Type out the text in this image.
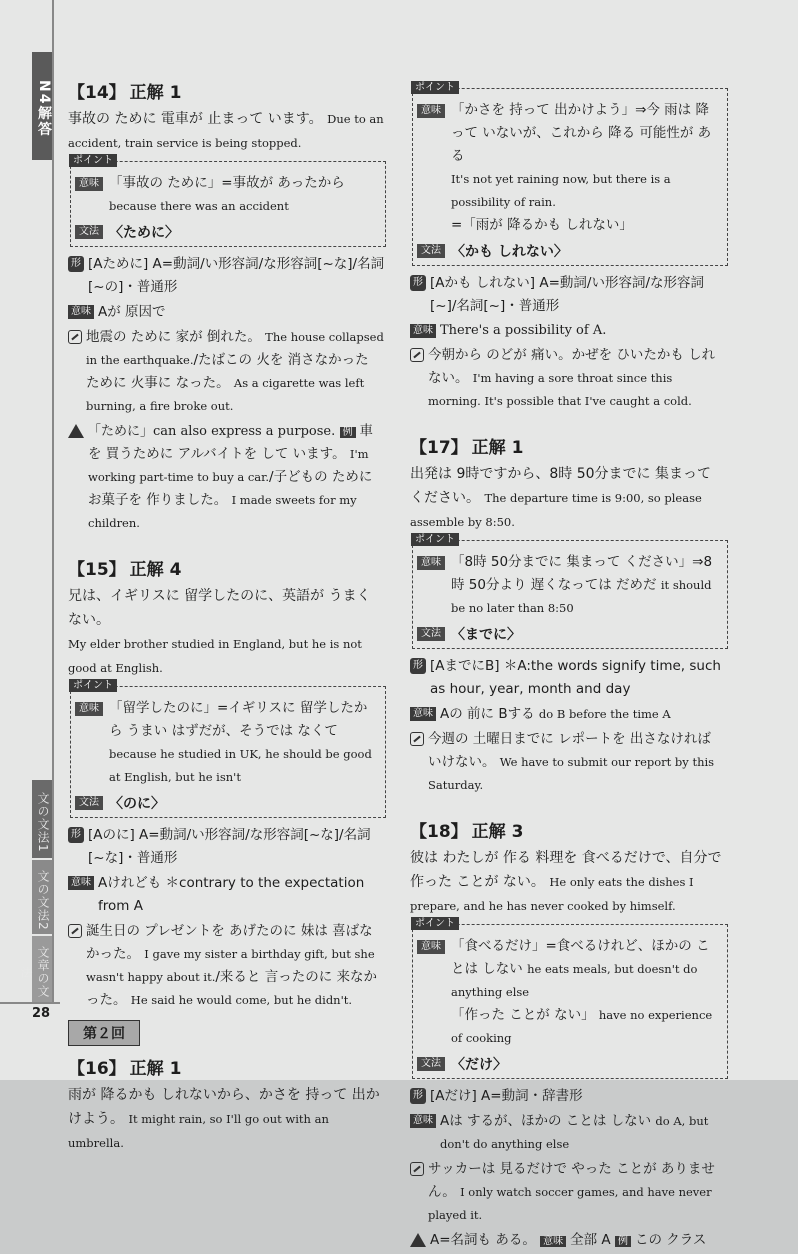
N4解答
文の文法1
文の文法2
文章の文法
28
【14】 正解 1

事故の ために 電車が 止まって います。 Due to an accident, train service is being stopped.

ポイント
意味 「事故の ために」=事故が あったから
because there was an accident
文法 〈ために〉
形 [Aために] A=動詞/い形容詞/な形容詞[~な]/名詞[~の]・普通形
意味 Aが 原因で
地震の ために 家が 倒れた。 The house collapsed in the earthquake./たばこの 火を 消さなかった ために 火事に なった。 As a cigarette was left burning, a fire broke out.
「ために」can also express a purpose. 例 車を 買うために アルバイトを して います。 I'm working part-time to buy a car./子どもの ために お菓子を 作りました。 I made sweets for my children.
【15】 正解 4

兄は、イギリスに 留学したのに、英語が うまく ない。
My elder brother studied in England, but he is not good at English.

ポイント
意味 「留学したのに」=イギリスに 留学したから うまい はずだが、そうでは なくて because he studied in UK, he should be good at English, but he isn't
文法 〈のに〉
形 [Aのに] A=動詞/い形容詞/な形容詞[~な]/名詞[~な]・普通形
意味 Aけれども ＊contrary to the expectation from A
誕生日の プレゼントを あげたのに 妹は 喜ばなかった。 I gave my sister a birthday gift, but she wasn't happy about it./来ると 言ったのに 来なかった。 He said he would come, but he didn't.
第２回
【16】 正解 1

雨が 降るかも しれないから、かさを 持って 出かけよう。 It might rain, so I'll go out with an umbrella.

ポイント
意味 「かさを 持って 出かけよう」⇒今 雨は 降って いないが、これから 降る 可能性が ある
It's not yet raining now, but there is a possibility of rain.
=「雨が 降るかも しれない」
文法 〈かも しれない〉
形 [Aかも しれない] A=動詞/い形容詞/な形容詞[~]/名詞[~]・普通形
意味 There's a possibility of A.
今朝から のどが 痛い。かぜを ひいたかも しれない。 I'm having a sore throat since this morning. It's possible that I've caught a cold.
【17】 正解 1

出発は 9時ですから、8時 50分までに 集まって ください。 The departure time is 9:00, so please assemble by 8:50.

ポイント
意味 「8時 50分までに 集まって ください」⇒8時 50分より 遅くなっては だめだ it should be no later than 8:50
文法 〈までに〉
形 [AまでにB] ＊A:the words signify time, such as hour, year, month and day
意味 Aの 前に Bする do B before the time A
今週の 土曜日までに レポートを 出さなければ いけない。 We have to submit our report by this Saturday.
【18】 正解 3

彼は わたしが 作る 料理を 食べるだけで、自分で 作った ことが ない。 He only eats the dishes I prepare, and he has never cooked by himself.

ポイント
意味 「食べるだけ」=食べるけれど、ほかの ことは しない he eats meals, but doesn't do anything else
「作った ことが ない」 have no experience of cooking
文法 〈だけ〉
形 [Aだけ] A=動詞・辞書形
意味 Aは するが、ほかの ことは しない do A, but don't do anything else
サッカーは 見るだけで やった ことが ありません。 I only watch soccer games, and have never played it.
A=名詞も ある。 意味 全部 A 例 この クラス
